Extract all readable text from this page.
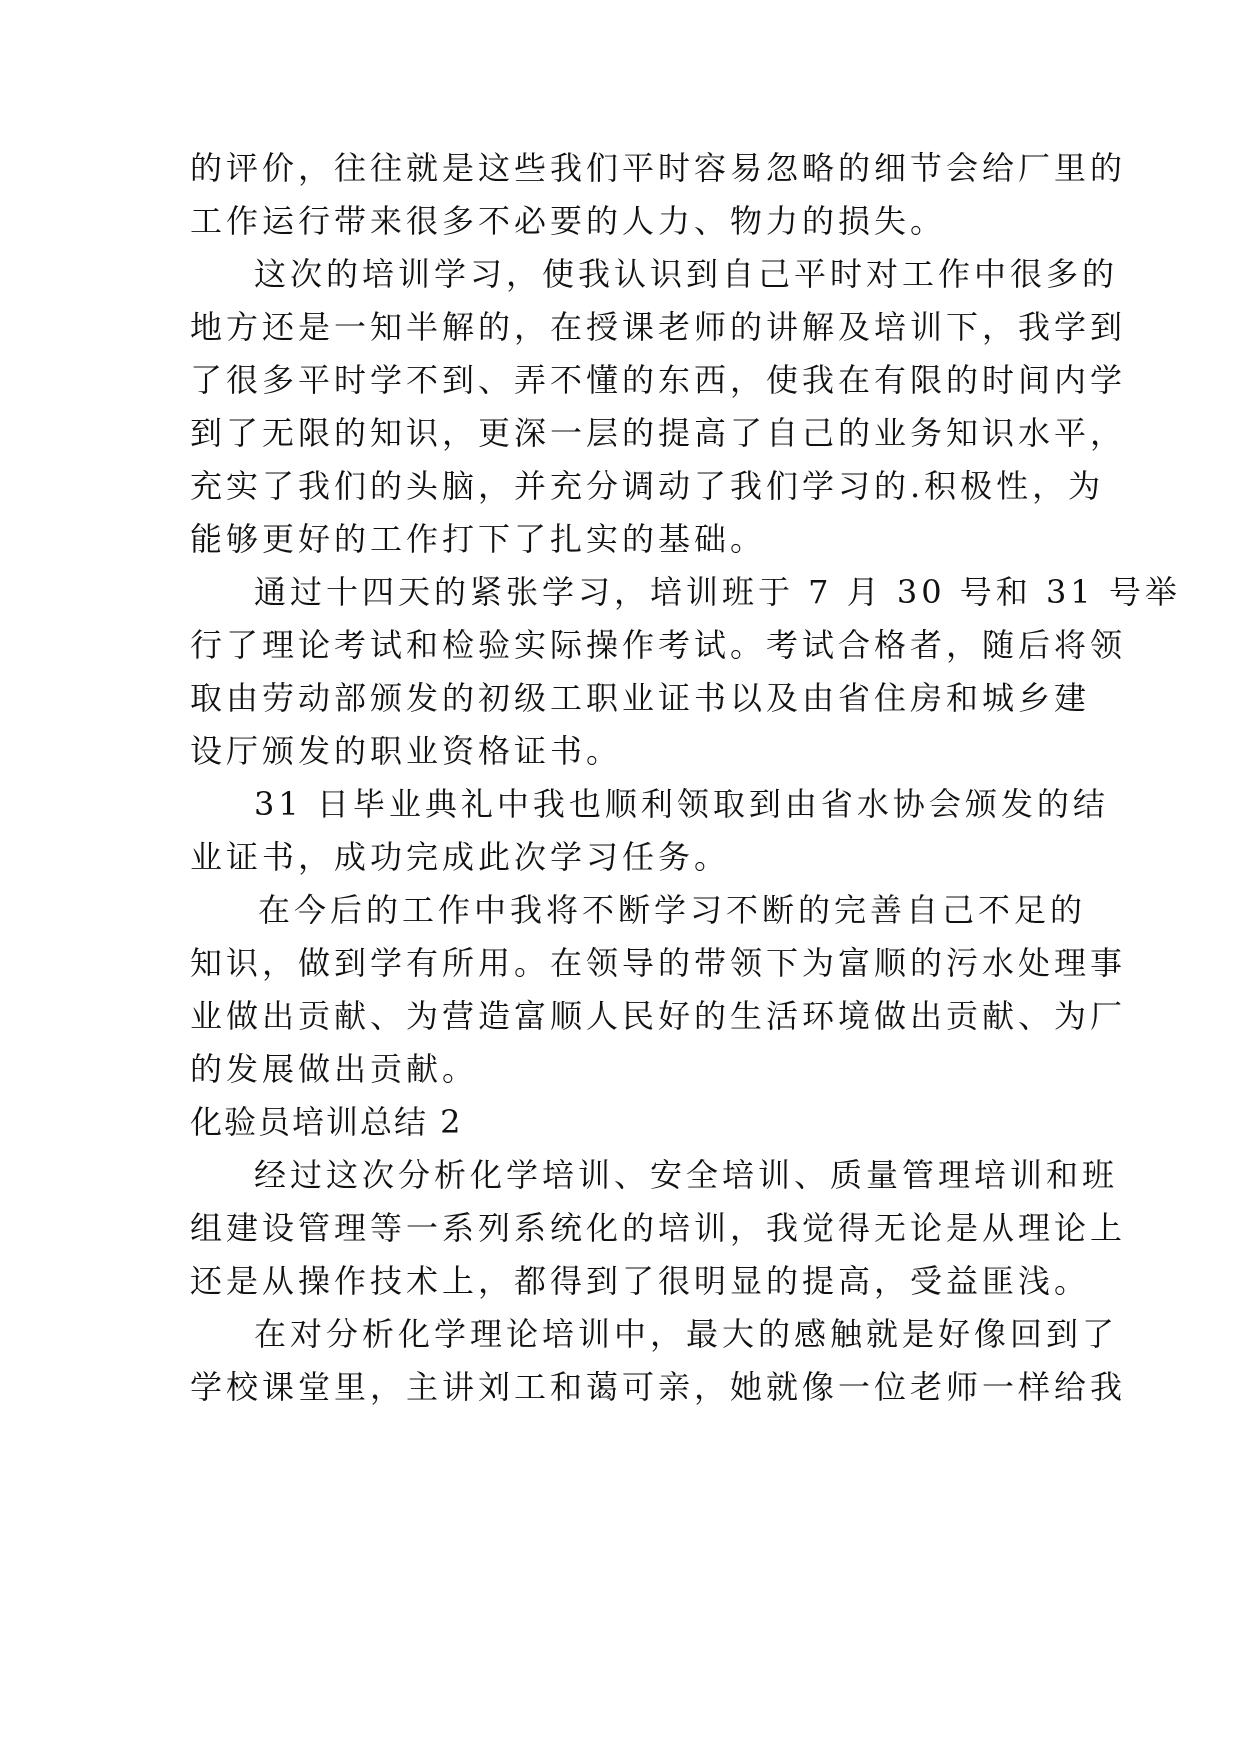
的评价，往往就是这些我们平时容易忽略的细节会给厂里的
工作运行带来很多不必要的人力、物力的损失。
这次的培训学习，使我认识到自己平时对工作中很多的
地方还是一知半解的，在授课老师的讲解及培训下，我学到
了很多平时学不到、弄不懂的东西，使我在有限的时间内学
到了无限的知识，更深一层的提高了自己的业务知识水平，
充实了我们的头脑，并充分调动了我们学习的.积极性，为
能够更好的工作打下了扎实的基础。
通过十四天的紧张学习，培训班于 7 月 30 号和 31 号举
行了理论考试和检验实际操作考试。考试合格者，随后将领
取由劳动部颁发的初级工职业证书以及由省住房和城乡建
设厅颁发的职业资格证书。
31 日毕业典礼中我也顺利领取到由省水协会颁发的结
业证书，成功完成此次学习任务。
在今后的工作中我将不断学习不断的完善自己不足的
知识，做到学有所用。在领导的带领下为富顺的污水处理事
业做出贡献、为营造富顺人民好的生活环境做出贡献、为厂
的发展做出贡献。
化验员培训总结 2
经过这次分析化学培训、安全培训、质量管理培训和班
组建设管理等一系列系统化的培训，我觉得无论是从理论上
还是从操作技术上，都得到了很明显的提高，受益匪浅。
在对分析化学理论培训中，最大的感触就是好像回到了
学校课堂里，主讲刘工和蔼可亲，她就像一位老师一样给我
